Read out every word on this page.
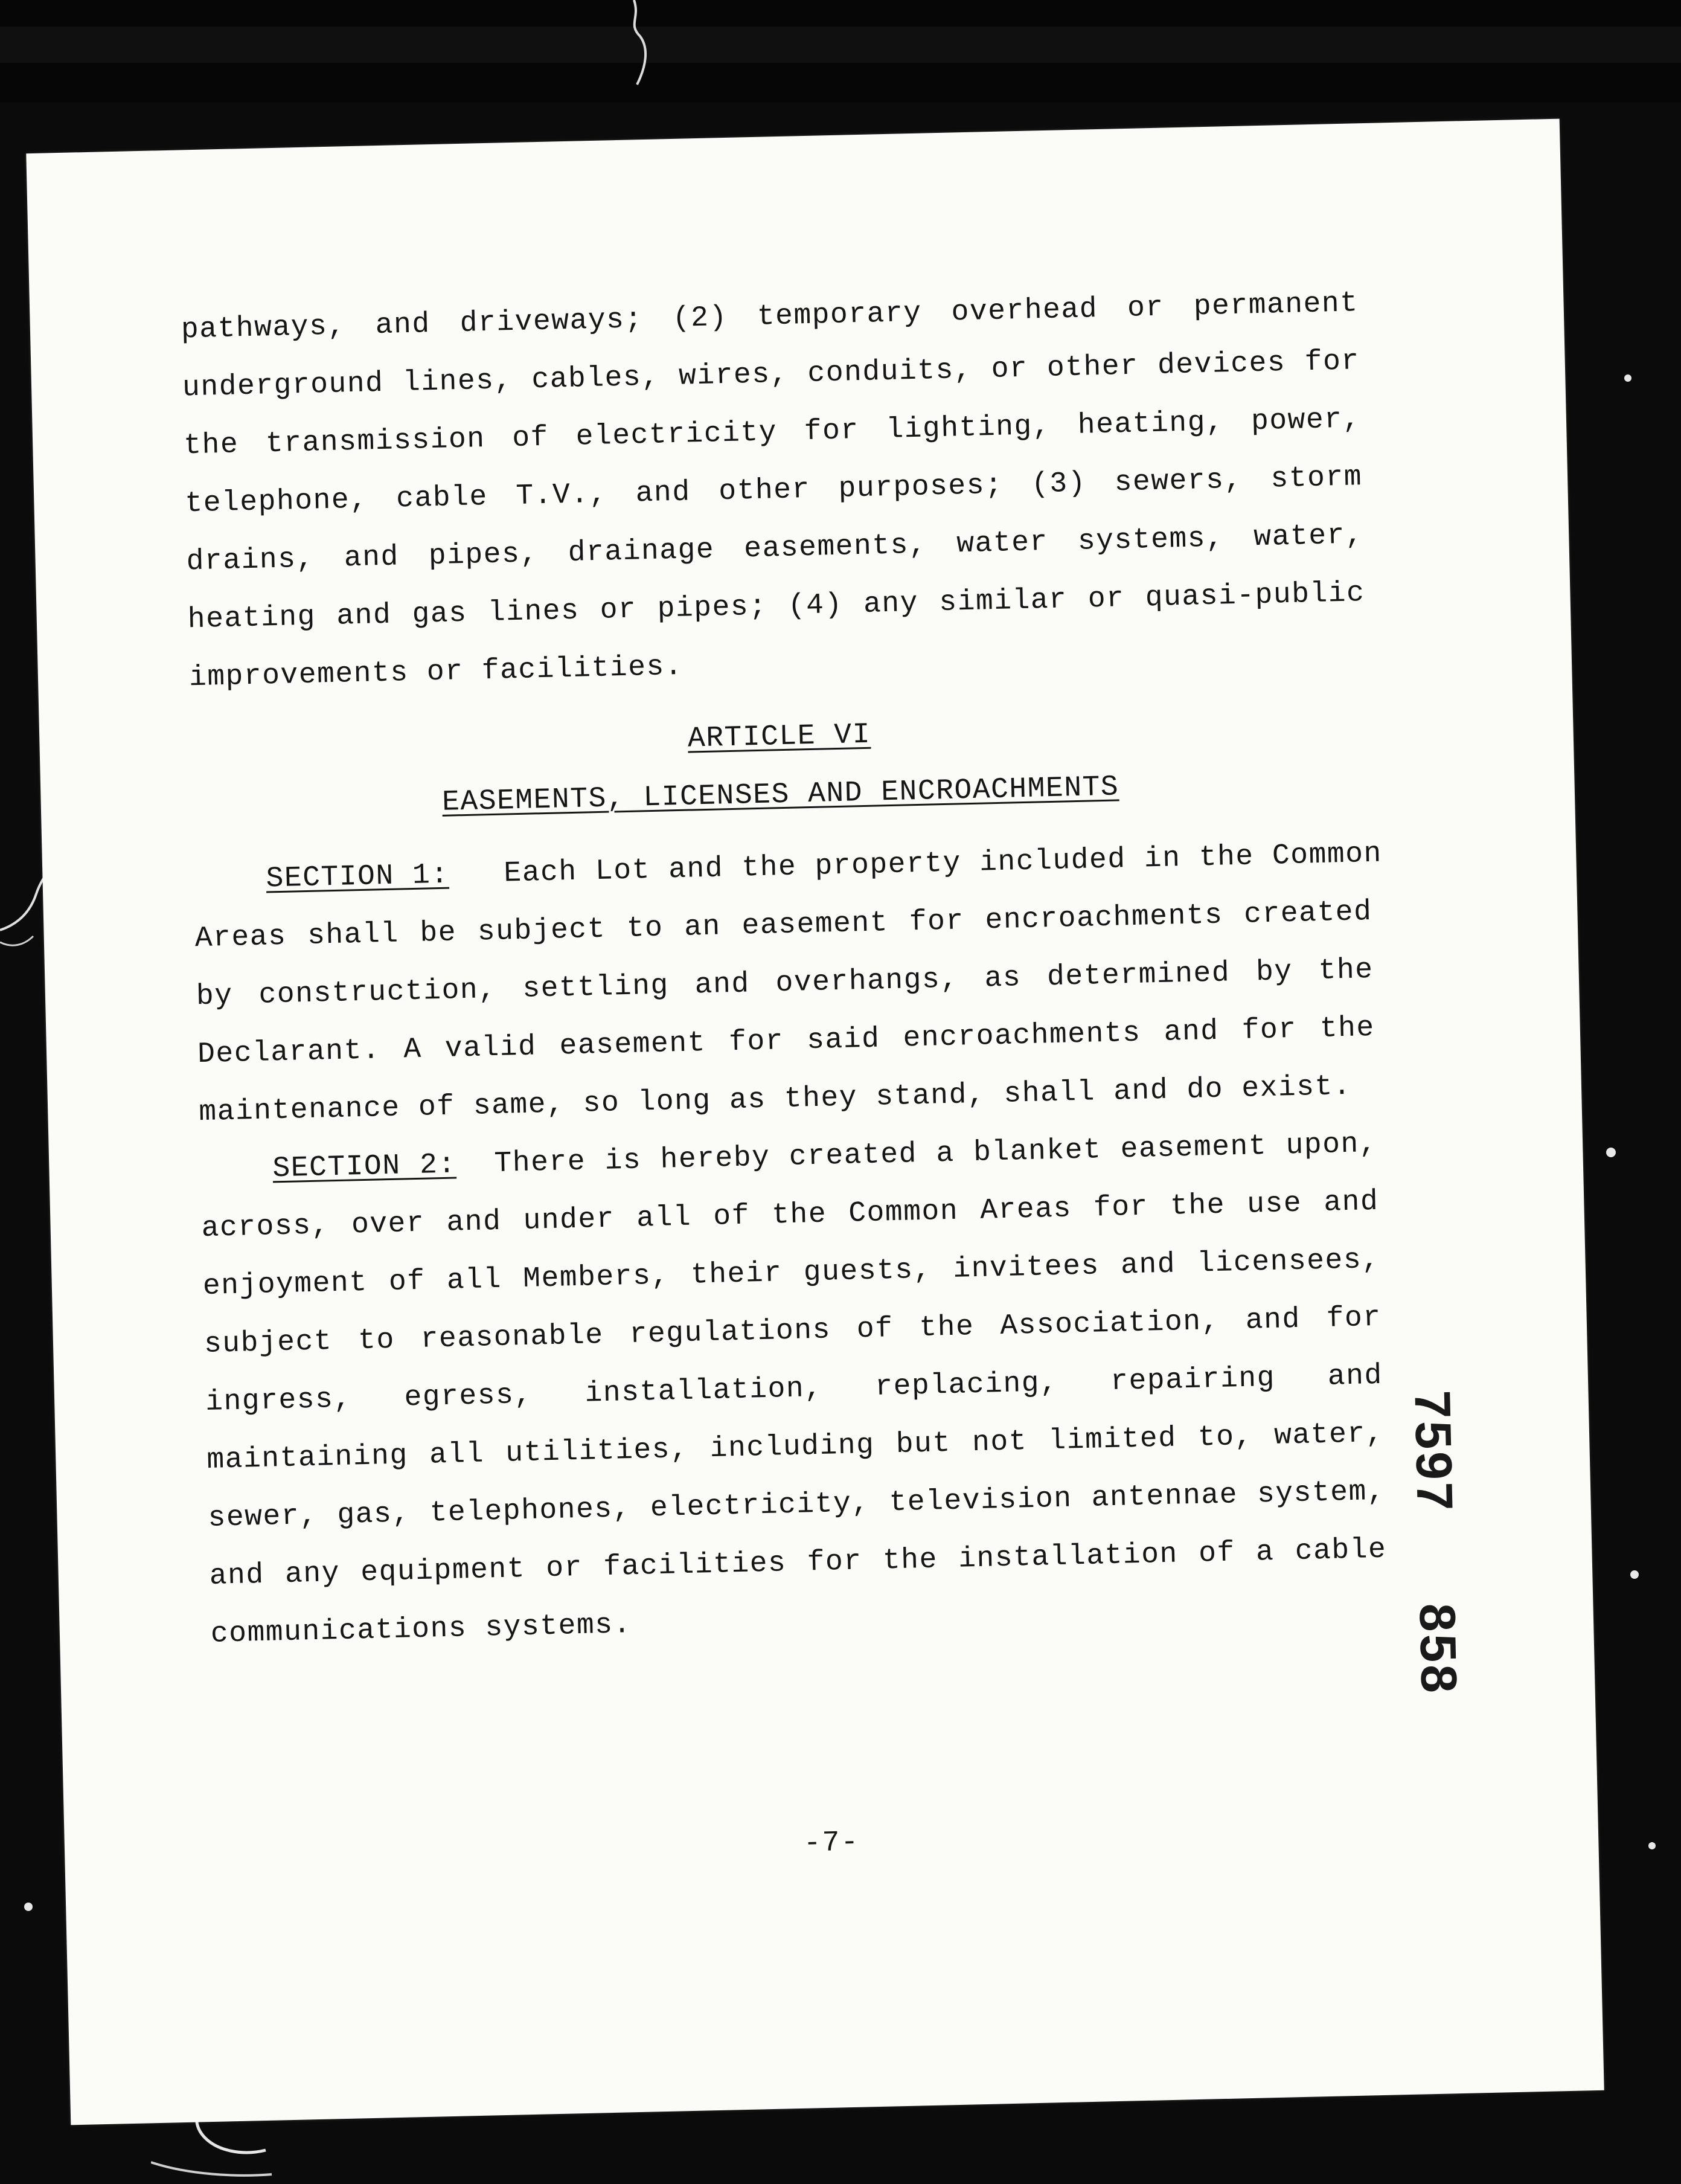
pathways, and driveways; (2) temporary overhead or permanent
underground lines, cables, wires, conduits, or other devices for
the transmission of electricity for lighting, heating, power,
telephone, cable T.V., and other purposes; (3) sewers, storm
drains, and pipes, drainage easements, water systems, water,
heating and gas lines or pipes; (4) any similar or quasi-public
improvements or facilities.
ARTICLE VI
EASEMENTS, LICENSES AND ENCROACHMENTS
SECTION 1: Each Lot and the property included in the Common
Areas shall be subject to an easement for encroachments created
by construction, settling and overhangs, as determined by the
Declarant. A valid easement for said encroachments and for the
maintenance of same, so long as they stand, shall and do exist.
SECTION 2: There is hereby created a blanket easement upon,
across, over and under all of the Common Areas for the use and
enjoyment of all Members, their guests, invitees and licensees,
subject to reasonable regulations of the Association, and for
ingress, egress, installation, replacing, repairing and
maintaining all utilities, including but not limited to, water,
sewer, gas, telephones, electricity, television antennae system,
and any equipment or facilities for the installation of a cable
communications systems.
-7-
7597858
